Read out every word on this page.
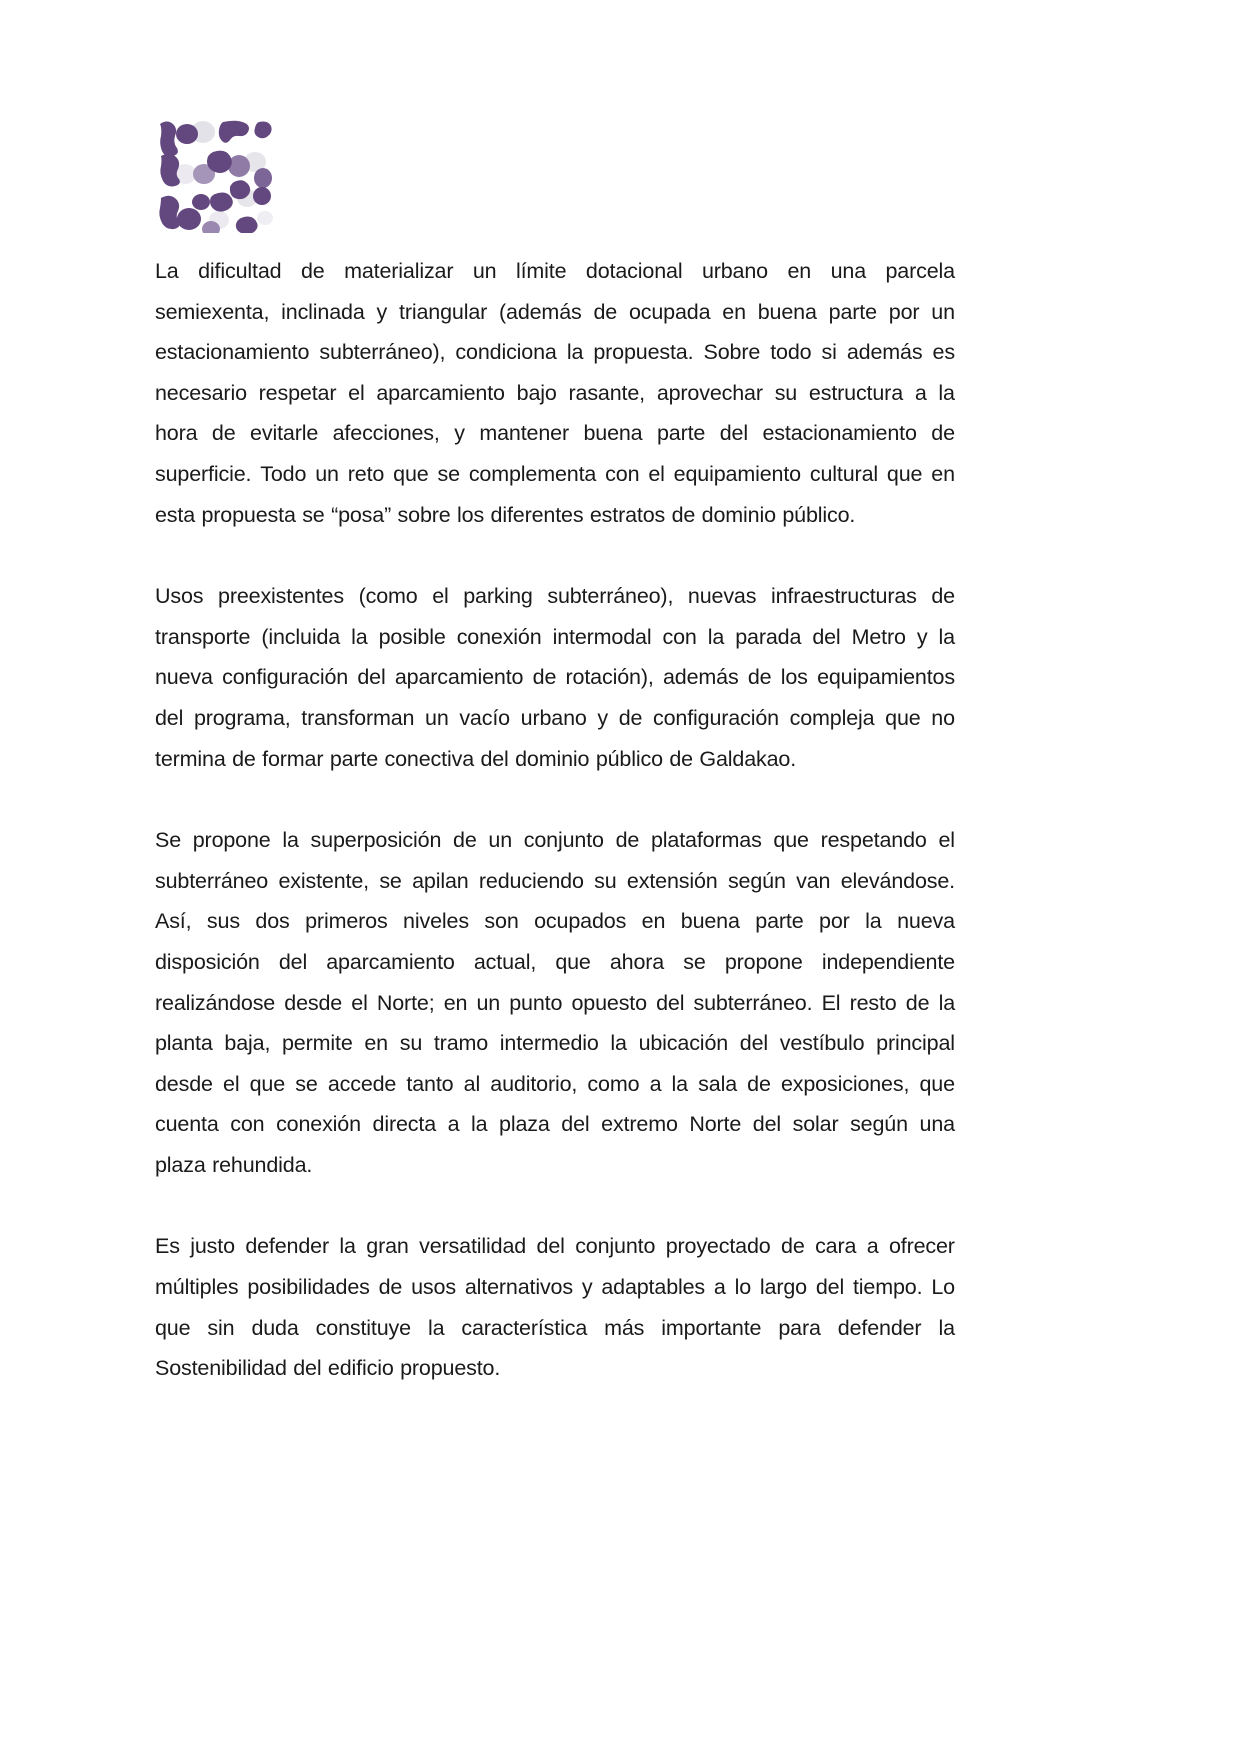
La dificultad de materializar un límite dotacional urbano en una parcela
semiexenta, inclinada y triangular (además de ocupada en buena parte por un
estacionamiento subterráneo), condiciona la propuesta. Sobre todo si además es
necesario respetar el aparcamiento bajo rasante, aprovechar su estructura a la
hora de evitarle afecciones, y mantener buena parte del estacionamiento de
superficie. Todo un reto que se complementa con el equipamiento cultural que en
esta propuesta se “posa” sobre los diferentes estratos de dominio público.

Usos preexistentes (como el parking subterráneo), nuevas infraestructuras de
transporte (incluida la posible conexión intermodal con la parada del Metro y la
nueva configuración del aparcamiento de rotación), además de los equipamientos
del programa, transforman un vacío urbano y de configuración compleja que no
termina de formar parte conectiva del dominio público de Galdakao.

Se propone la superposición de un conjunto de plataformas que respetando el
subterráneo existente, se apilan reduciendo su extensión según van elevándose.
Así, sus dos primeros niveles son ocupados en buena parte por la nueva
disposición del aparcamiento actual, que ahora se propone independiente
realizándose desde el Norte; en un punto opuesto del subterráneo. El resto de la
planta baja, permite en su tramo intermedio la ubicación del vestíbulo principal
desde el que se accede tanto al auditorio, como a la sala de exposiciones, que
cuenta con conexión directa a la plaza del extremo Norte del solar según una
plaza rehundida.

Es justo defender la gran versatilidad del conjunto proyectado de cara a ofrecer
múltiples posibilidades de usos alternativos y adaptables a lo largo del tiempo. Lo
que sin duda constituye la característica más importante para defender la
Sostenibilidad del edificio propuesto.
